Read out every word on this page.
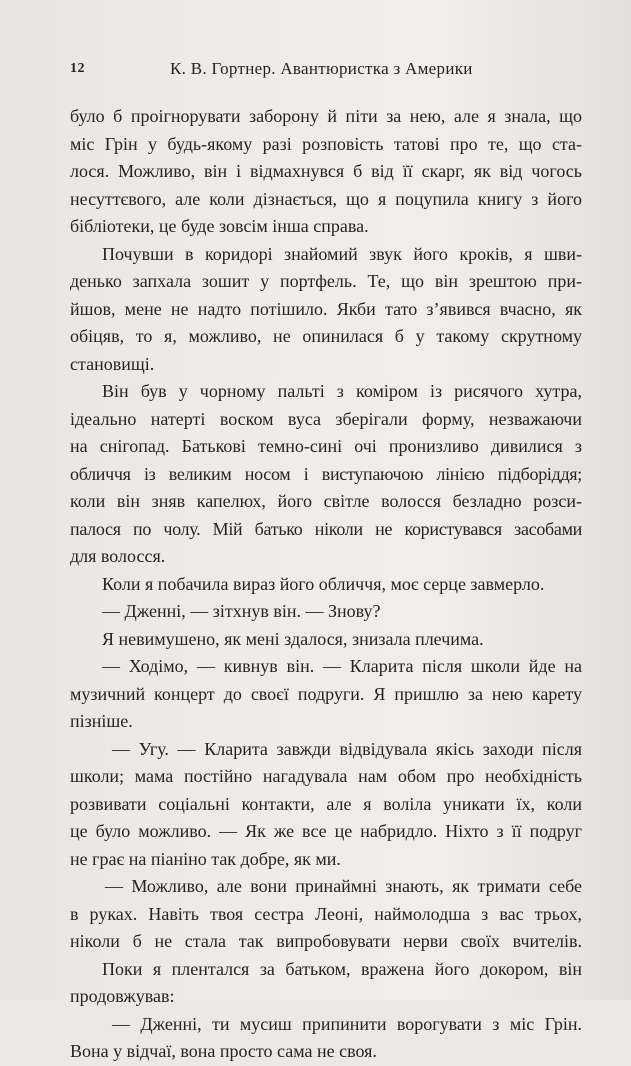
12	К. В. Гортнер. Авантюристка з Америки
було б проігнорувати заборону й піти за нею, але я знала, що
міс Грін у будь-якому разі розповість татові про те, що ста-
лося. Можливо, він і відмахнувся б від її скарг, як від чогось
несуттєвого, але коли дізнається, що я поцупила книгу з його
бібліотеки, це буде зовсім інша справа.
Почувши в коридорі знайомий звук його кроків, я шви-
денько запхала зошит у портфель. Те, що він зрештою при-
йшов, мене не надто потішило. Якби тато з’явився вчасно, як
обіцяв, то я, можливо, не опинилася б у такому скрутному
становищі.
Він був у чорному пальті з коміром із рисячого хутра,
ідеально натерті воском вуса зберігали форму, незважаючи
на снігопад. Батькові темно-сині очі пронизливо дивилися з
обличчя із великим носом і виступаючою лінією підборіддя;
коли він зняв капелюх, його світле волосся безладно розси-
палося по чолу. Мій батько ніколи не користувався засобами
для волосся.
Коли я побачила вираз його обличчя, моє серце завмерло.
— Дженні, — зітхнув він. — Знову?
Я невимушено, як мені здалося, знизала плечима.
— Ходімо, — кивнув він. — Кларита після школи йде на
музичний концерт до своєї подруги. Я пришлю за нею карету
пізніше.
— Угу. — Кларита завжди відвідувала якісь заходи після
школи; мама постійно нагадувала нам обом про необхідність
розвивати соціальні контакти, але я воліла уникати їх, коли
це було можливо. — Як же все це набридло. Ніхто з її подруг
не грає на піаніно так добре, як ми.
— Можливо, але вони принаймні знають, як тримати себе
в руках. Навіть твоя сестра Леоні, наймолодша з вас трьох,
ніколи б не стала так випробовувати нерви своїх вчителів.
Поки я плентался за батьком, вражена його докором, він
продовжував:
— Дженні, ти мусиш припинити ворогувати з міс Грін.
Вона у відчаї, вона просто сама не своя.
